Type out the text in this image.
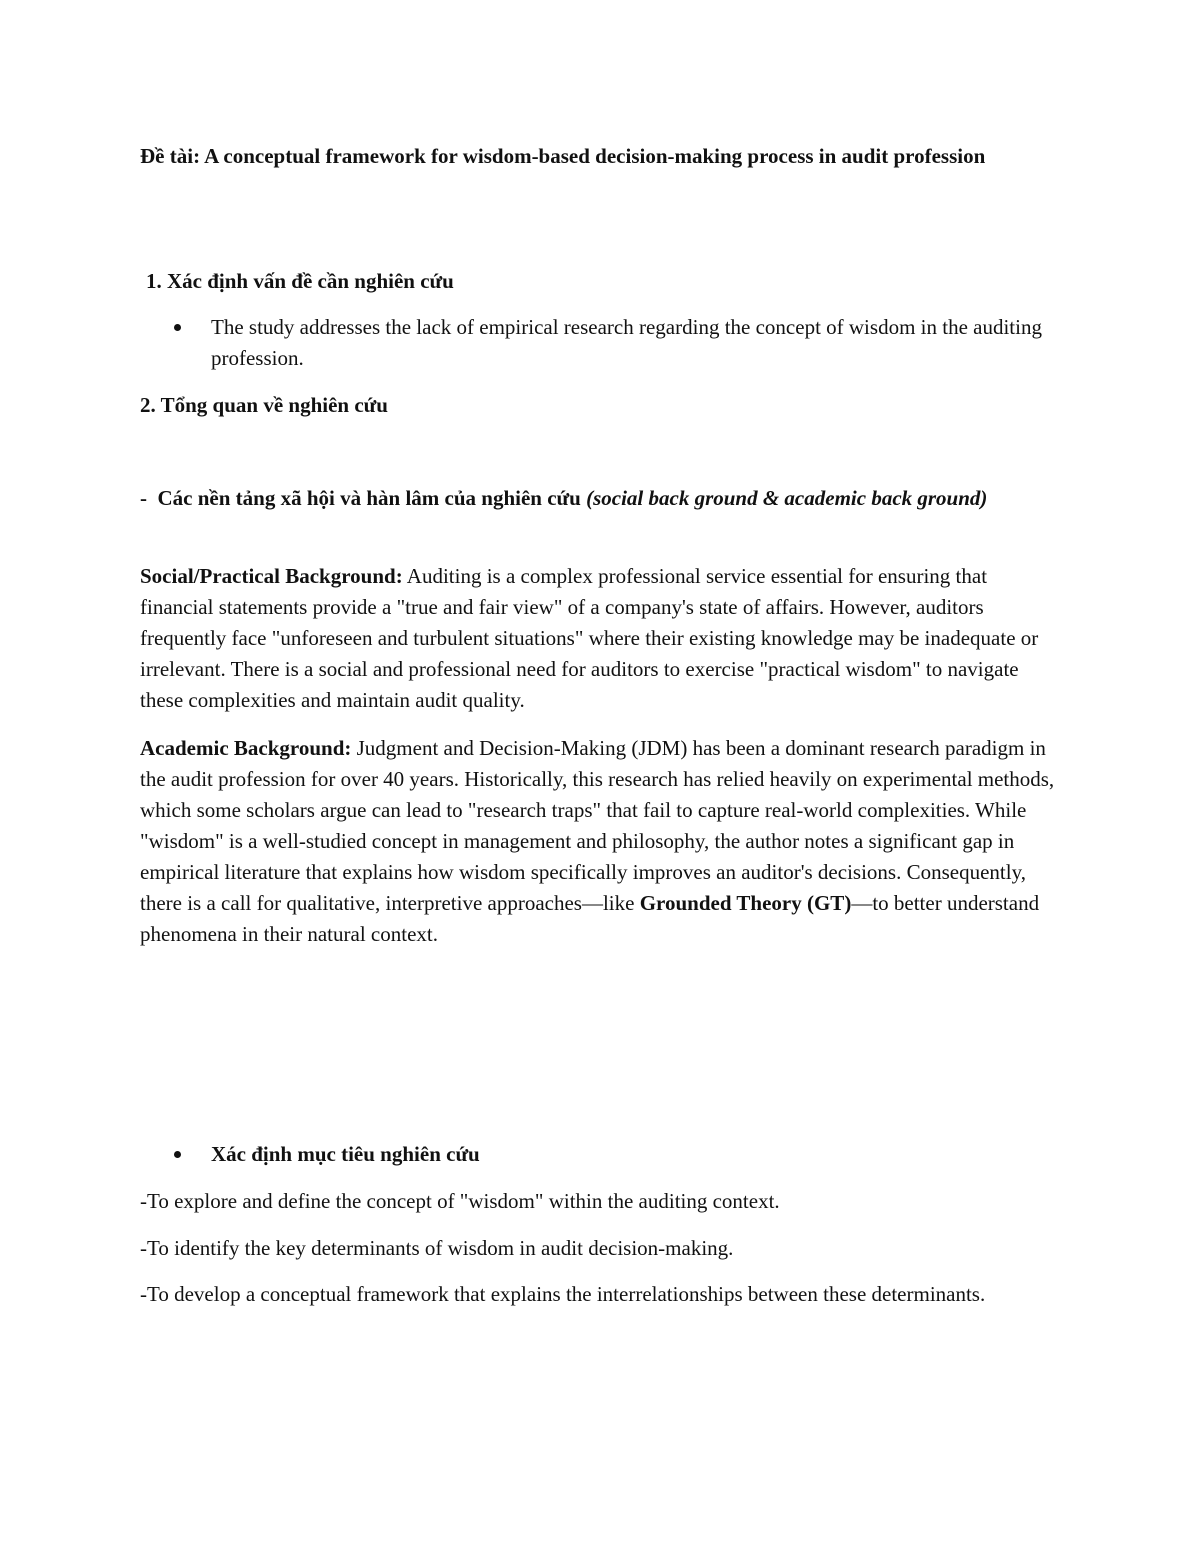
Đề tài: A conceptual framework for wisdom-based decision-making process in audit profession

1. Xác định vấn đề cần nghiên cứu

The study addresses the lack of empirical research regarding the concept of wisdom in the auditing profession.

2. Tổng quan về nghiên cứu

- Các nền tảng xã hội và hàn lâm của nghiên cứu (social back ground & academic back ground)

Social/Practical Background: Auditing is a complex professional service essential for ensuring that financial statements provide a "true and fair view" of a company's state of affairs. However, auditors frequently face "unforeseen and turbulent situations" where their existing knowledge may be inadequate or irrelevant. There is a social and professional need for auditors to exercise "practical wisdom" to navigate these complexities and maintain audit quality.

Academic Background: Judgment and Decision-Making (JDM) has been a dominant research paradigm in the audit profession for over 40 years. Historically, this research has relied heavily on experimental methods, which some scholars argue can lead to "research traps" that fail to capture real-world complexities. While "wisdom" is a well-studied concept in management and philosophy, the author notes a significant gap in empirical literature that explains how wisdom specifically improves an auditor's decisions. Consequently, there is a call for qualitative, interpretive approaches—like Grounded Theory (GT)—to better understand phenomena in their natural context.

Xác định mục tiêu nghiên cứu

-To explore and define the concept of "wisdom" within the auditing context.

-To identify the key determinants of wisdom in audit decision-making.

-To develop a conceptual framework that explains the interrelationships between these determinants.
